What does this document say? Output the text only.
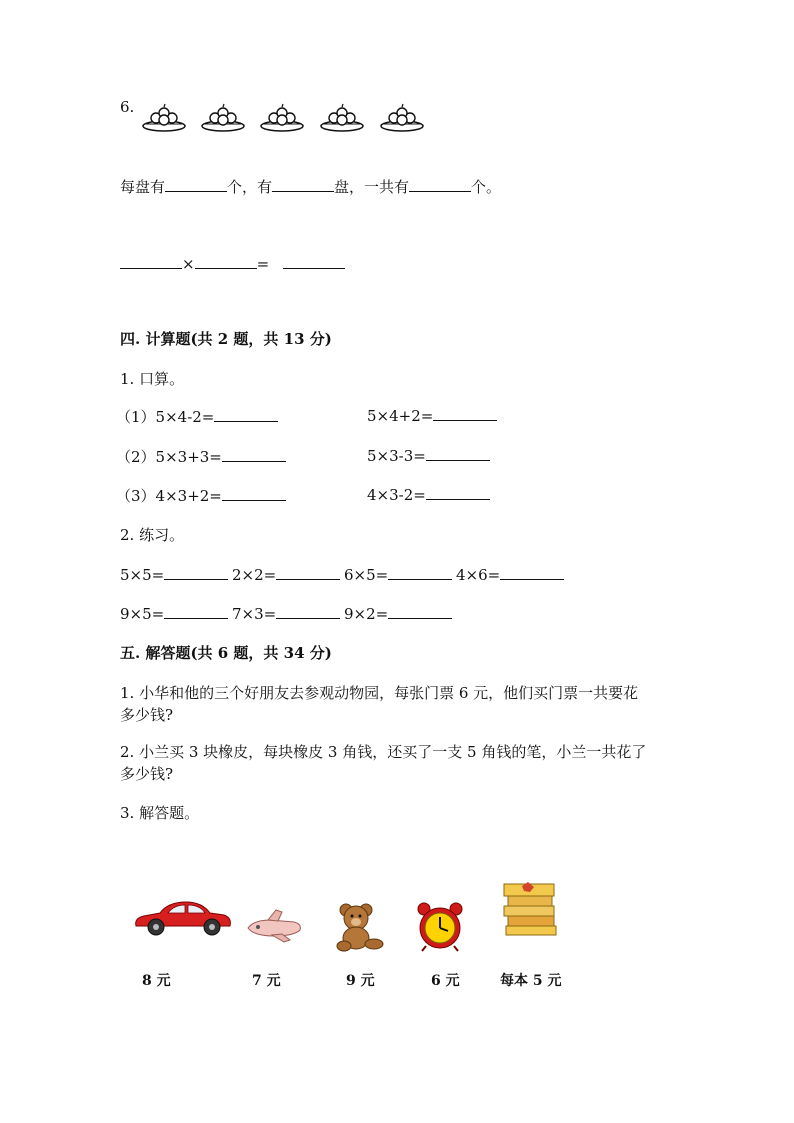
6.
每盘有	个，有	盘，一共有	个。
×	=
四. 计算题(共 2 题，共 13 分)
1. 口算。
（1）5×4-2=	5×4+2=
（2）5×3+3=	5×3-3=
（3）4×3+2=	4×3-2=
2. 练习。
5×5=	2×2=	6×5=	4×6=
9×5=	7×3=	9×2=
五. 解答题(共 6 题，共 34 分)
1. 小华和他的三个好朋友去参观动物园，每张门票 6 元，他们买门票一共要花
多少钱?
2. 小兰买 3 块橡皮，每块橡皮 3 角钱，还买了一支 5 角钱的笔，小兰一共花了
多少钱?
3. 解答题。
8 元	7 元	9 元	6 元	每本 5 元
